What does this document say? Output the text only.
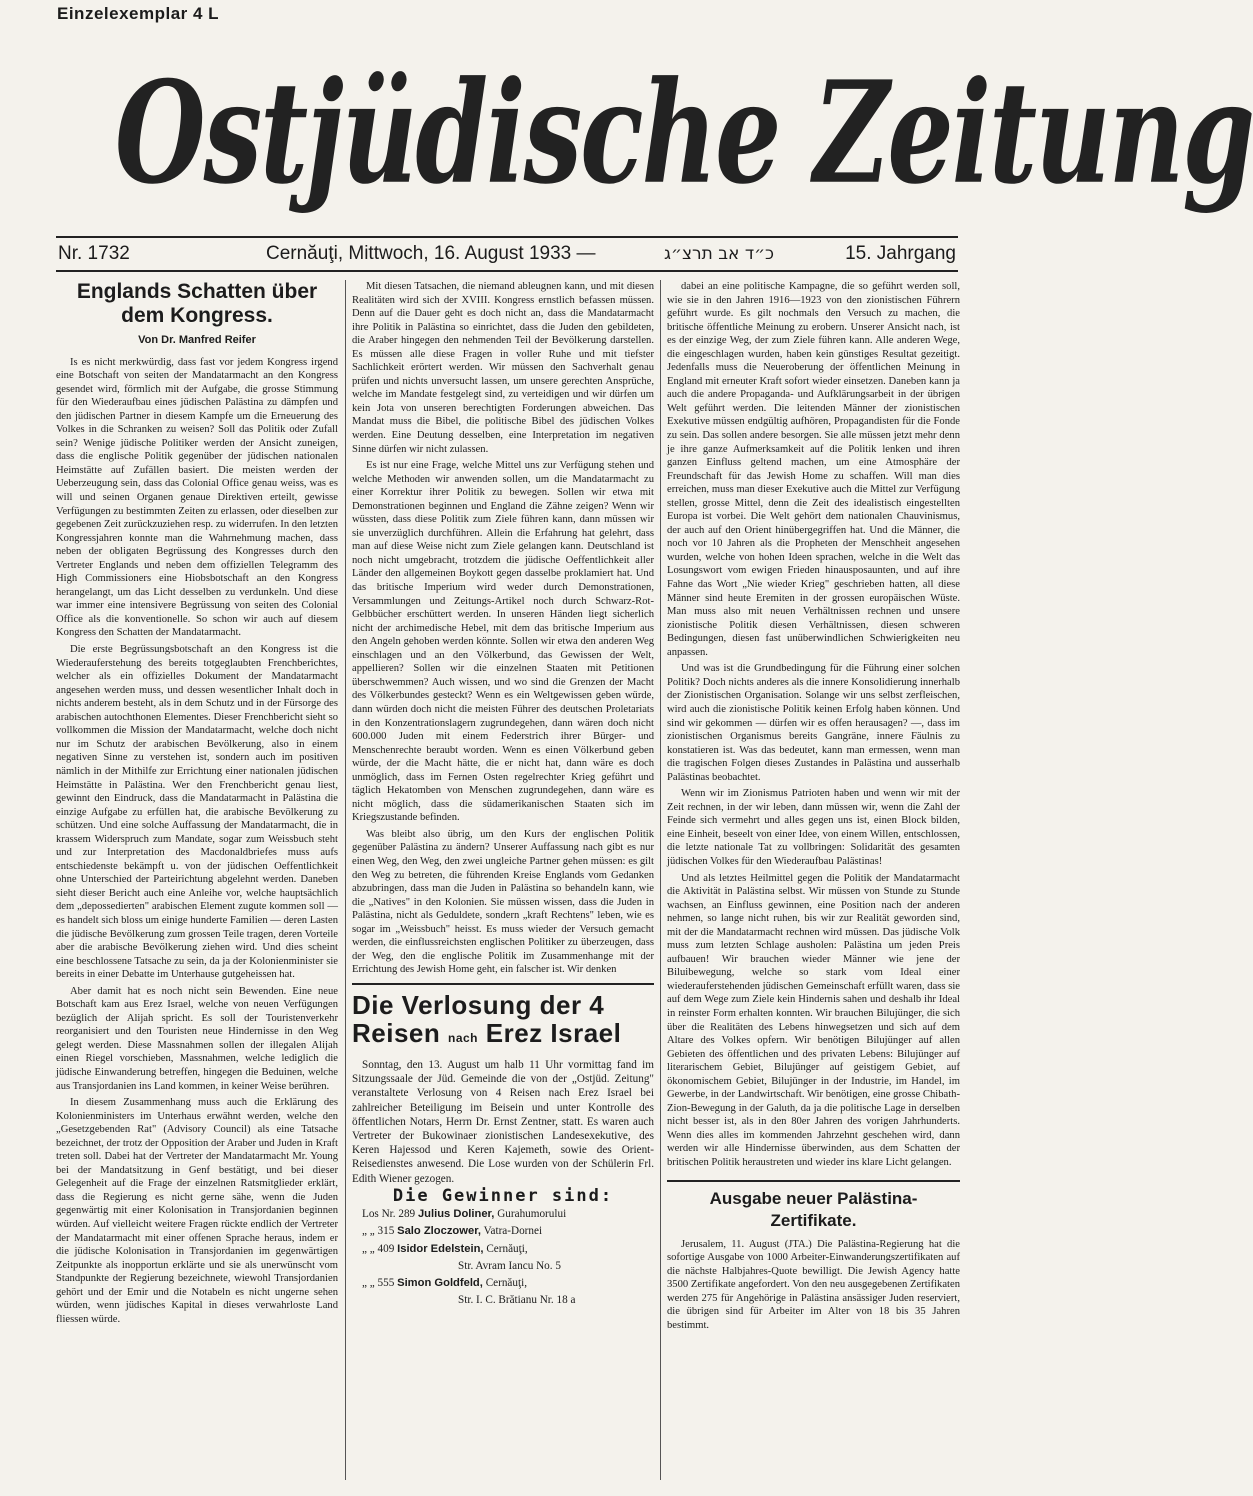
Einzelexemplar 4 L
Ostjüdische Zeitung
Nr. 1732	Cernăuţi, Mittwoch, 16. August 1933 —	כ״ד אב תרצ״ג	15. Jahrgang
Englands Schatten über dem Kongress.
Von Dr. Manfred Reifer

Is es nicht merkwürdig, dass fast vor jedem Kongress irgend eine Botschaft von seiten der Mandatarmacht an den Kongress gesendet wird, förmlich mit der Aufgabe, die grosse Stimmung für den Wiederaufbau eines jüdischen Palästina zu dämpfen und den jüdischen Partner in diesem Kampfe um die Erneuerung des Volkes in die Schranken zu weisen? Soll das Politik oder Zufall sein? Wenige jüdische Politiker werden der Ansicht zuneigen, dass die englische Politik gegenüber der jüdischen nationalen Heimstätte auf Zufällen basiert. Die meisten werden der Ueberzeugung sein, dass das Colonial Office genau weiss, was es will und seinen Organen genaue Direktiven erteilt, gewisse Verfügungen zu bestimmten Zeiten zu erlassen, oder dieselben zur gegebenen Zeit zurückzuziehen resp. zu widerrufen. In den letzten Kongressjahren konnte man die Wahrnehmung machen, dass neben der obligaten Begrüssung des Kongresses durch den Vertreter Englands und neben dem offiziellen Telegramm des High Commissioners eine Hiobsbotschaft an den Kongress herangelangt, um das Licht desselben zu verdunkeln. Und diese war immer eine intensivere Begrüssung von seiten des Colonial Office als die konventionelle. So schon wir auch auf diesem Kongress den Schatten der Mandatarmacht.

Die erste Begrüssungsbotschaft an den Kongress ist die Wiederauferstehung des bereits totgeglaubten Frenchberichtes, welcher als ein offizielles Dokument der Mandatarmacht angesehen werden muss, und dessen wesentlicher Inhalt doch in nichts anderem besteht, als in dem Schutz und in der Fürsorge des arabischen autochthonen Elementes. Dieser Frenchbericht sieht so vollkommen die Mission der Mandatarmacht, welche doch nicht nur im Schutz der arabischen Bevölkerung, also in einem negativen Sinne zu verstehen ist, sondern auch im positiven nämlich in der Mithilfe zur Errichtung einer nationalen jüdischen Heimstätte in Palästina. Wer den Frenchbericht genau liest, gewinnt den Eindruck, dass die Mandatarmacht in Palästina die einzige Aufgabe zu erfüllen hat, die arabische Bevölkerung zu schützen. Und eine solche Auffassung der Mandatarmacht, die in krassem Widerspruch zum Mandate, sogar zum Weissbuch steht und zur Interpretation des Macdonaldbriefes muss aufs entschiedenste bekämpft u. von der jüdischen Oeffentlichkeit ohne Unterschied der Parteirichtung abgelehnt werden. Daneben sieht dieser Bericht auch eine Anleihe vor, welche hauptsächlich dem „depossedierten" arabischen Element zugute kommen soll — es handelt sich bloss um einige hunderte Familien — deren Lasten die jüdische Bevölkerung zum grossen Teile tragen, deren Vorteile aber die arabische Bevölkerung ziehen wird. Und dies scheint eine beschlossene Tatsache zu sein, da ja der Kolonienminister sie bereits in einer Debatte im Unterhause gutgeheissen hat.

Aber damit hat es noch nicht sein Bewenden. Eine neue Botschaft kam aus Erez Israel, welche von neuen Verfügungen bezüglich der Alijah spricht. Es soll der Touristenverkehr reorganisiert und den Touristen neue Hindernisse in den Weg gelegt werden. Diese Massnahmen sollen der illegalen Alijah einen Riegel vorschieben, Massnahmen, welche lediglich die jüdische Einwanderung betreffen, hingegen die Beduinen, welche aus Transjordanien ins Land kommen, in keiner Weise berühren.

In diesem Zusammenhang muss auch die Erklärung des Kolonienministers im Unterhaus erwähnt werden, welche den „Gesetzgebenden Rat" (Advisory Council) als eine Tatsache bezeichnet, der trotz der Opposition der Araber und Juden in Kraft treten soll. Dabei hat der Vertreter der Mandatarmacht Mr. Young bei der Mandatsitzung in Genf bestätigt, und bei dieser Gelegenheit auf die Frage der einzelnen Ratsmitglieder erklärt, dass die Regierung es nicht gerne sähe, wenn die Juden gegenwärtig mit einer Kolonisation in Transjordanien beginnen würden. Auf vielleicht weitere Fragen rückte endlich der Vertreter der Mandatarmacht mit einer offenen Sprache heraus, indem er die jüdische Kolonisation in Transjordanien im gegenwärtigen Zeitpunkte als inopportun erklärte und sie als unerwünscht vom Standpunkte der Regierung bezeichnete, wiewohl Transjordanien gehört und der Emir und die Notabeln es nicht ungerne sehen würden, wenn jüdisches Kapital in dieses verwahrloste Land fliessen würde.

Mit diesen Tatsachen, die niemand ableugnen kann, und mit diesen Realitäten wird sich der XVIII. Kongress ernstlich befassen müssen. Denn auf die Dauer geht es doch nicht an, dass die Mandatarmacht ihre Politik in Palästina so einrichtet, dass die Juden den gebildeten, die Araber hingegen den nehmenden Teil der Bevölkerung darstellen. Es müssen alle diese Fragen in voller Ruhe und mit tiefster Sachlichkeit erörtert werden. Wir müssen den Sachverhalt genau prüfen und nichts unversucht lassen, um unsere gerechten Ansprüche, welche im Mandate festgelegt sind, zu verteidigen und wir dürfen um kein Jota von unseren berechtigten Forderungen abweichen. Das Mandat muss die Bibel, die politische Bibel des jüdischen Volkes werden. Eine Deutung desselben, eine Interpretation im negativen Sinne dürfen wir nicht zulassen.

Es ist nur eine Frage, welche Mittel uns zur Verfügung stehen und welche Methoden wir anwenden sollen, um die Mandatarmacht zu einer Korrektur ihrer Politik zu bewegen. Sollen wir etwa mit Demonstrationen beginnen und England die Zähne zeigen? Wenn wir wüssten, dass diese Politik zum Ziele führen kann, dann müssen wir sie unverzüglich durchführen. Allein die Erfahrung hat gelehrt, dass man auf diese Weise nicht zum Ziele gelangen kann. Deutschland ist noch nicht umgebracht, trotzdem die jüdische Oeffentlichkeit aller Länder den allgemeinen Boykott gegen dasselbe proklamiert hat. Und das britische Imperium wird weder durch Demonstrationen, Versammlungen und Zeitungs-Artikel noch durch Schwarz-Rot-Gelbbücher erschüttert werden. In unseren Händen liegt sicherlich nicht der archimedische Hebel, mit dem das britische Imperium aus den Angeln gehoben werden könnte. Sollen wir etwa den anderen Weg einschlagen und an den Völkerbund, das Gewissen der Welt, appellieren? Sollen wir die einzelnen Staaten mit Petitionen überschwemmen? Auch wissen, und wo sind die Grenzen der Macht des Völkerbundes gesteckt? Wenn es ein Weltgewissen geben würde, dann würden doch nicht die meisten Führer des deutschen Proletariats in den Konzentrationslagern zugrundegehen, dann wären doch nicht 600.000 Juden mit einem Federstrich ihrer Bürger- und Menschenrechte beraubt worden. Wenn es einen Völkerbund geben würde, der die Macht hätte, die er nicht hat, dann wäre es doch unmöglich, dass im Fernen Osten regelrechter Krieg geführt und täglich Hekatomben von Menschen zugrundegehen, dann wäre es nicht möglich, dass die südamerikanischen Staaten sich im Kriegszustande befinden.

Was bleibt also übrig, um den Kurs der englischen Politik gegenüber Palästina zu ändern? Unserer Auffassung nach gibt es nur einen Weg, den Weg, den zwei ungleiche Partner gehen müssen: es gilt den Weg zu betreten, die führenden Kreise Englands vom Gedanken abzubringen, dass man die Juden in Palästina so behandeln kann, wie die „Natives" in den Kolonien. Sie müssen wissen, dass die Juden in Palästina, nicht als Geduldete, sondern „kraft Rechtens" leben, wie es sogar im „Weissbuch" heisst. Es muss wieder der Versuch gemacht werden, die einflussreichsten englischen Politiker zu überzeugen, dass der Weg, den die englische Politik im Zusammenhange mit der Errichtung des Jewish Home geht, ein falscher ist. Wir denken

Die Verlosung der 4
Reisen nach Erez Israel

Sonntag, den 13. August um halb 11 Uhr vormittag fand im Sitzungssaale der Jüd. Gemeinde die von der „Ostjüd. Zeitung" veranstaltete Verlosung von 4 Reisen nach Erez Israel bei zahlreicher Beteiligung im Beisein und unter Kontrolle des öffentlichen Notars, Herrn Dr. Ernst Zentner, statt. Es waren auch Vertreter der Bukowinaer zionistischen Landesexekutive, des Keren Hajessod und Keren Kajemeth, sowie des Orient-Reisedienstes anwesend. Die Lose wurden von der Schülerin Frl. Edith Wiener gezogen.

Die Gewinner sind:

Los Nr. 289 Julius Doliner, Gurahumorului

„ „ 315 Salo Zloczower, Vatra-Dornei

„ „ 409 Isidor Edelstein, Cernăuţi,

Str. Avram Iancu No. 5

„ „ 555 Simon Goldfeld, Cernăuţi,

Str. I. C. Brătianu Nr. 18 a

dabei an eine politische Kampagne, die so geführt werden soll, wie sie in den Jahren 1916—1923 von den zionistischen Führern geführt wurde. Es gilt nochmals den Versuch zu machen, die britische öffentliche Meinung zu erobern. Unserer Ansicht nach, ist es der einzige Weg, der zum Ziele führen kann. Alle anderen Wege, die eingeschlagen wurden, haben kein günstiges Resultat gezeitigt. Jedenfalls muss die Neueroberung der öffentlichen Meinung in England mit erneuter Kraft sofort wieder einsetzen. Daneben kann ja auch die andere Propaganda- und Aufklärungsarbeit in der übrigen Welt geführt werden. Die leitenden Männer der zionistischen Exekutive müssen endgültig aufhören, Propagandisten für die Fonde zu sein. Das sollen andere besorgen. Sie alle müssen jetzt mehr denn je ihre ganze Aufmerksamkeit auf die Politik lenken und ihren ganzen Einfluss geltend machen, um eine Atmosphäre der Freundschaft für das Jewish Home zu schaffen. Will man dies erreichen, muss man dieser Exekutive auch die Mittel zur Verfügung stellen, grosse Mittel, denn die Zeit des idealistisch eingestellten Europa ist vorbei. Die Welt gehört dem nationalen Chauvinismus, der auch auf den Orient hinübergegriffen hat. Und die Männer, die noch vor 10 Jahren als die Propheten der Menschheit angesehen wurden, welche von hohen Ideen sprachen, welche in die Welt das Losungswort vom ewigen Frieden hinausposaunten, und auf ihre Fahne das Wort „Nie wieder Krieg" geschrieben hatten, all diese Männer sind heute Eremiten in der grossen europäischen Wüste. Man muss also mit neuen Verhältnissen rechnen und unsere zionistische Politik diesen Verhältnissen, diesen schweren Bedingungen, diesen fast unüberwindlichen Schwierigkeiten neu anpassen.

Und was ist die Grundbedingung für die Führung einer solchen Politik? Doch nichts anderes als die innere Konsolidierung innerhalb der Zionistischen Organisation. Solange wir uns selbst zerfleischen, wird auch die zionistische Politik keinen Erfolg haben können. Und sind wir gekommen — dürfen wir es offen herausagen? —, dass im zionistischen Organismus bereits Gangräne, innere Fäulnis zu konstatieren ist. Was das bedeutet, kann man ermessen, wenn man die tragischen Folgen dieses Zustandes in Palästina und ausserhalb Palästinas beobachtet.

Wenn wir im Zionismus Patrioten haben und wenn wir mit der Zeit rechnen, in der wir leben, dann müssen wir, wenn die Zahl der Feinde sich vermehrt und alles gegen uns ist, einen Block bilden, eine Einheit, beseelt von einer Idee, von einem Willen, entschlossen, die letzte nationale Tat zu vollbringen: Solidarität des gesamten jüdischen Volkes für den Wiederaufbau Palästinas!

Und als letztes Heilmittel gegen die Politik der Mandatarmacht die Aktivität in Palästina selbst. Wir müssen von Stunde zu Stunde wachsen, an Einfluss gewinnen, eine Position nach der anderen nehmen, so lange nicht ruhen, bis wir zur Realität geworden sind, mit der die Mandatarmacht rechnen wird müssen. Das jüdische Volk muss zum letzten Schlage ausholen: Palästina um jeden Preis aufbauen! Wir brauchen wieder Männer wie jene der Biluibewegung, welche so stark vom Ideal einer wiederauferstehenden jüdischen Gemeinschaft erfüllt waren, dass sie auf dem Wege zum Ziele kein Hindernis sahen und deshalb ihr Ideal in reinster Form erhalten konnten. Wir brauchen Bilujünger, die sich über die Realitäten des Lebens hinwegsetzen und sich auf dem Altare des Volkes opfern. Wir benötigen Bilujünger auf allen Gebieten des öffentlichen und des privaten Lebens: Bilujünger auf literarischem Gebiet, Bilujünger auf geistigem Gebiet, auf ökonomischem Gebiet, Bilujünger in der Industrie, im Handel, im Gewerbe, in der Landwirtschaft. Wir benötigen, eine grosse Chibath-Zion-Bewegung in der Galuth, da ja die politische Lage in derselben nicht besser ist, als in den 80er Jahren des vorigen Jahrhunderts. Wenn dies alles im kommenden Jahrzehnt geschehen wird, dann werden wir alle Hindernisse überwinden, aus dem Schatten der britischen Politik heraustreten und wieder ins klare Licht gelangen.

Ausgabe neuer Palästina-Zertifikate.

Jerusalem, 11. August (JTA.) Die Palästina-Regierung hat die sofortige Ausgabe von 1000 Arbeiter-Einwanderungszertifikaten auf die nächste Halbjahres-Quote bewilligt. Die Jewish Agency hatte 3500 Zertifikate angefordert. Von den neu ausgegebenen Zertifikaten werden 275 für Angehörige in Palästina ansässiger Juden reserviert, die übrigen sind für Arbeiter im Alter von 18 bis 35 Jahren bestimmt.
